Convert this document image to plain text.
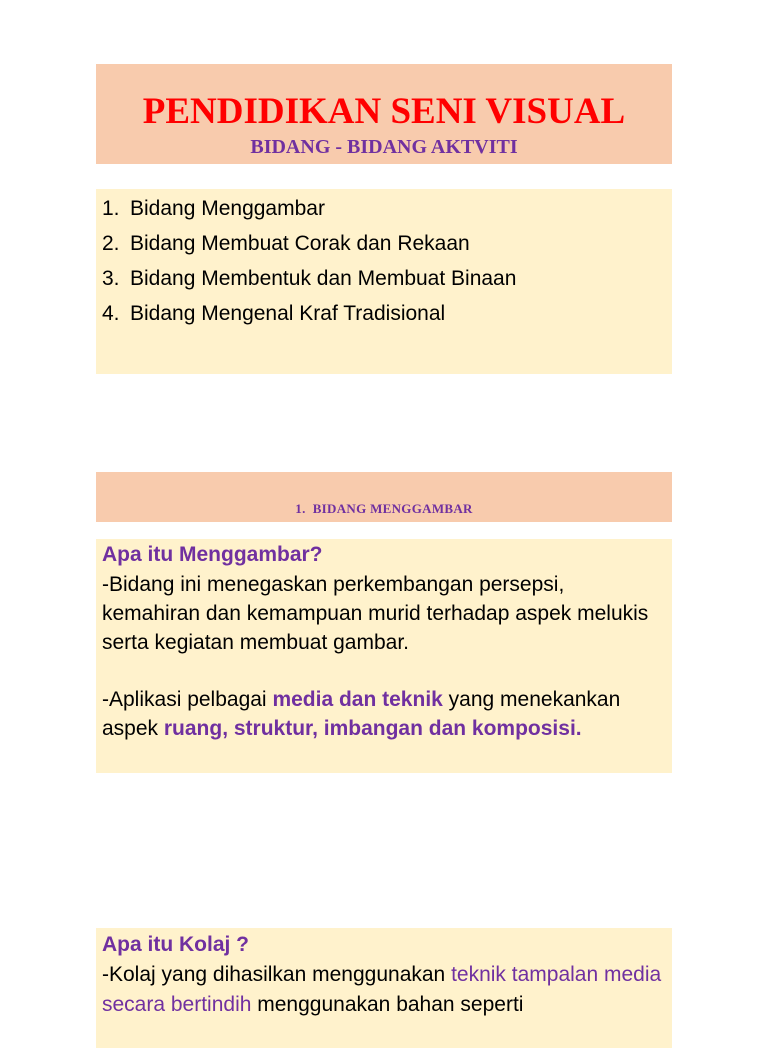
PENDIDIKAN SENI VISUAL
BIDANG - BIDANG AKTVITI
1. Bidang Menggambar
2. Bidang Membuat Corak dan Rekaan
3. Bidang Membentuk dan Membuat Binaan
4. Bidang Mengenal Kraf Tradisional
1.  BIDANG MENGGAMBAR

Apa itu Menggambar?

-Bidang ini menegaskan perkembangan persepsi, kemahiran dan kemampuan murid terhadap aspek melukis serta kegiatan membuat gambar.

-Aplikasi pelbagai media dan teknik yang menekankan aspek ruang, struktur, imbangan dan komposisi.

Apa itu Kolaj ?

-Kolaj yang dihasilkan menggunakan teknik tampalan media secara bertindih menggunakan bahan seperti
